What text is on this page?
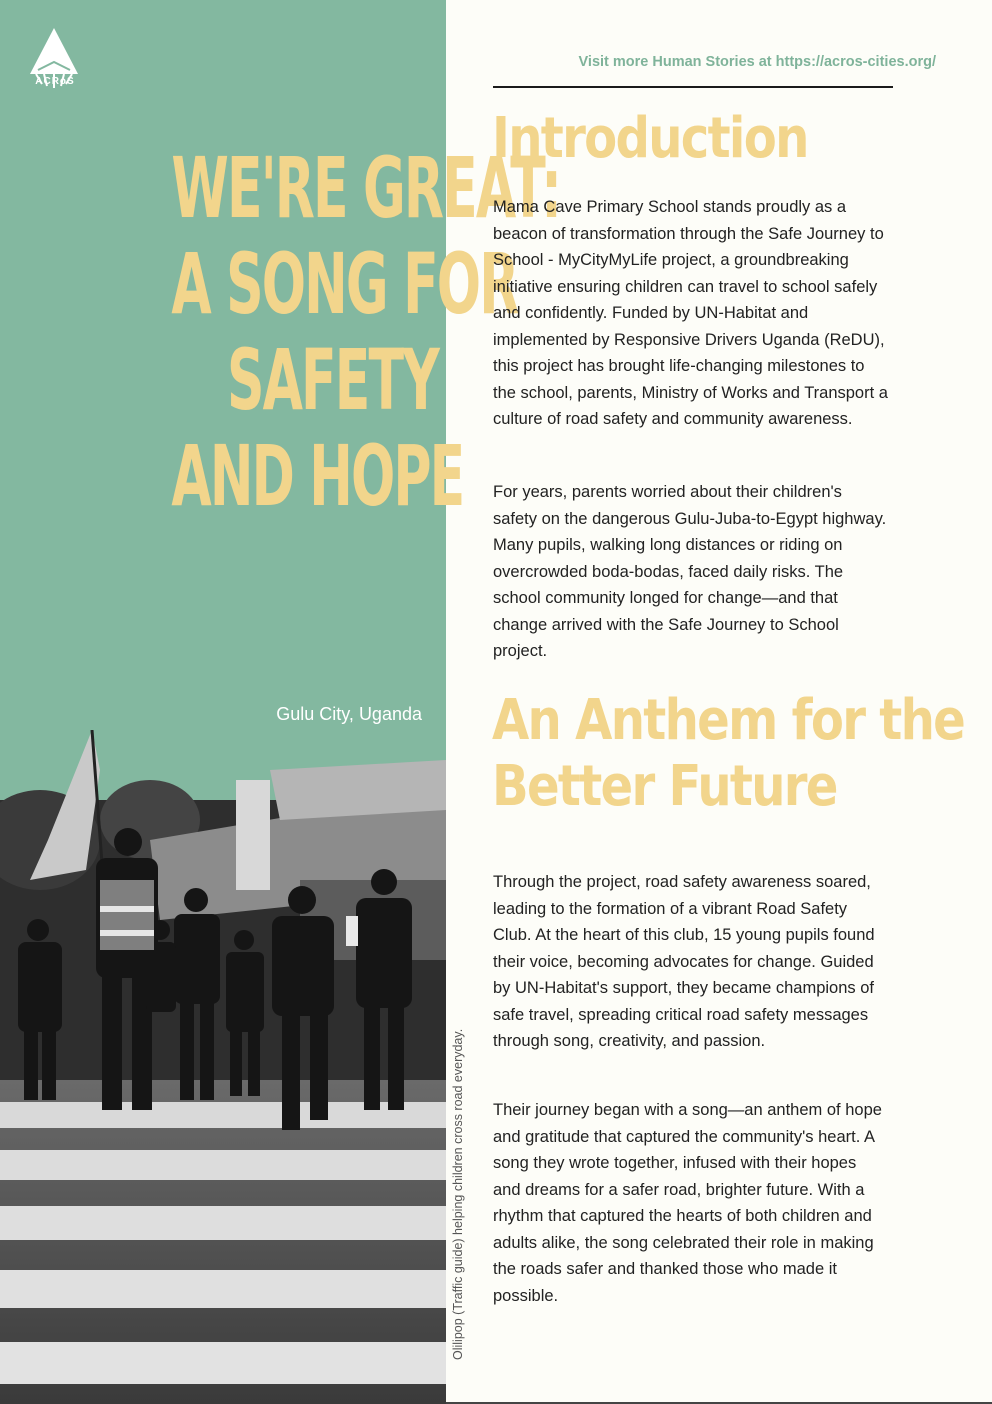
ACRoS
WE'RE GREAT:
A SONG FOR
SAFETY
AND HOPE
Gulu City, Uganda
Olilipop (Traffic guide) helping children cross road everyday.
Visit more Human Stories at https://acros-cities.org/
Introduction

Mama Cave Primary School stands proudly as a beacon of transformation through the Safe Journey to School - MyCityMyLife project, a groundbreaking initiative ensuring children can travel to school safely and confidently. Funded by UN-Habitat and implemented by Responsive Drivers Uganda (ReDU), this project has brought life-changing milestones to the school, parents, Ministry of Works and Transport a culture of road safety and community awareness.

For years, parents worried about their children's safety on the dangerous Gulu-Juba-to-Egypt highway. Many pupils, walking long distances or riding on overcrowded boda-bodas, faced daily risks. The school community longed for change—and that change arrived with the Safe Journey to School project.

An Anthem for the
Better Future

Through the project, road safety awareness soared, leading to the formation of a vibrant Road Safety Club. At the heart of this club, 15 young pupils found their voice, becoming advocates for change. Guided by UN-Habitat's support, they became champions of safe travel, spreading critical road safety messages through song, creativity, and passion.

Their journey began with a song—an anthem of hope and gratitude that captured the community's heart. A song they wrote together, infused with their hopes and dreams for a safer road, brighter future. With a rhythm that captured the hearts of both children and adults alike, the song celebrated their role in making the roads safer and thanked those who made it possible.
